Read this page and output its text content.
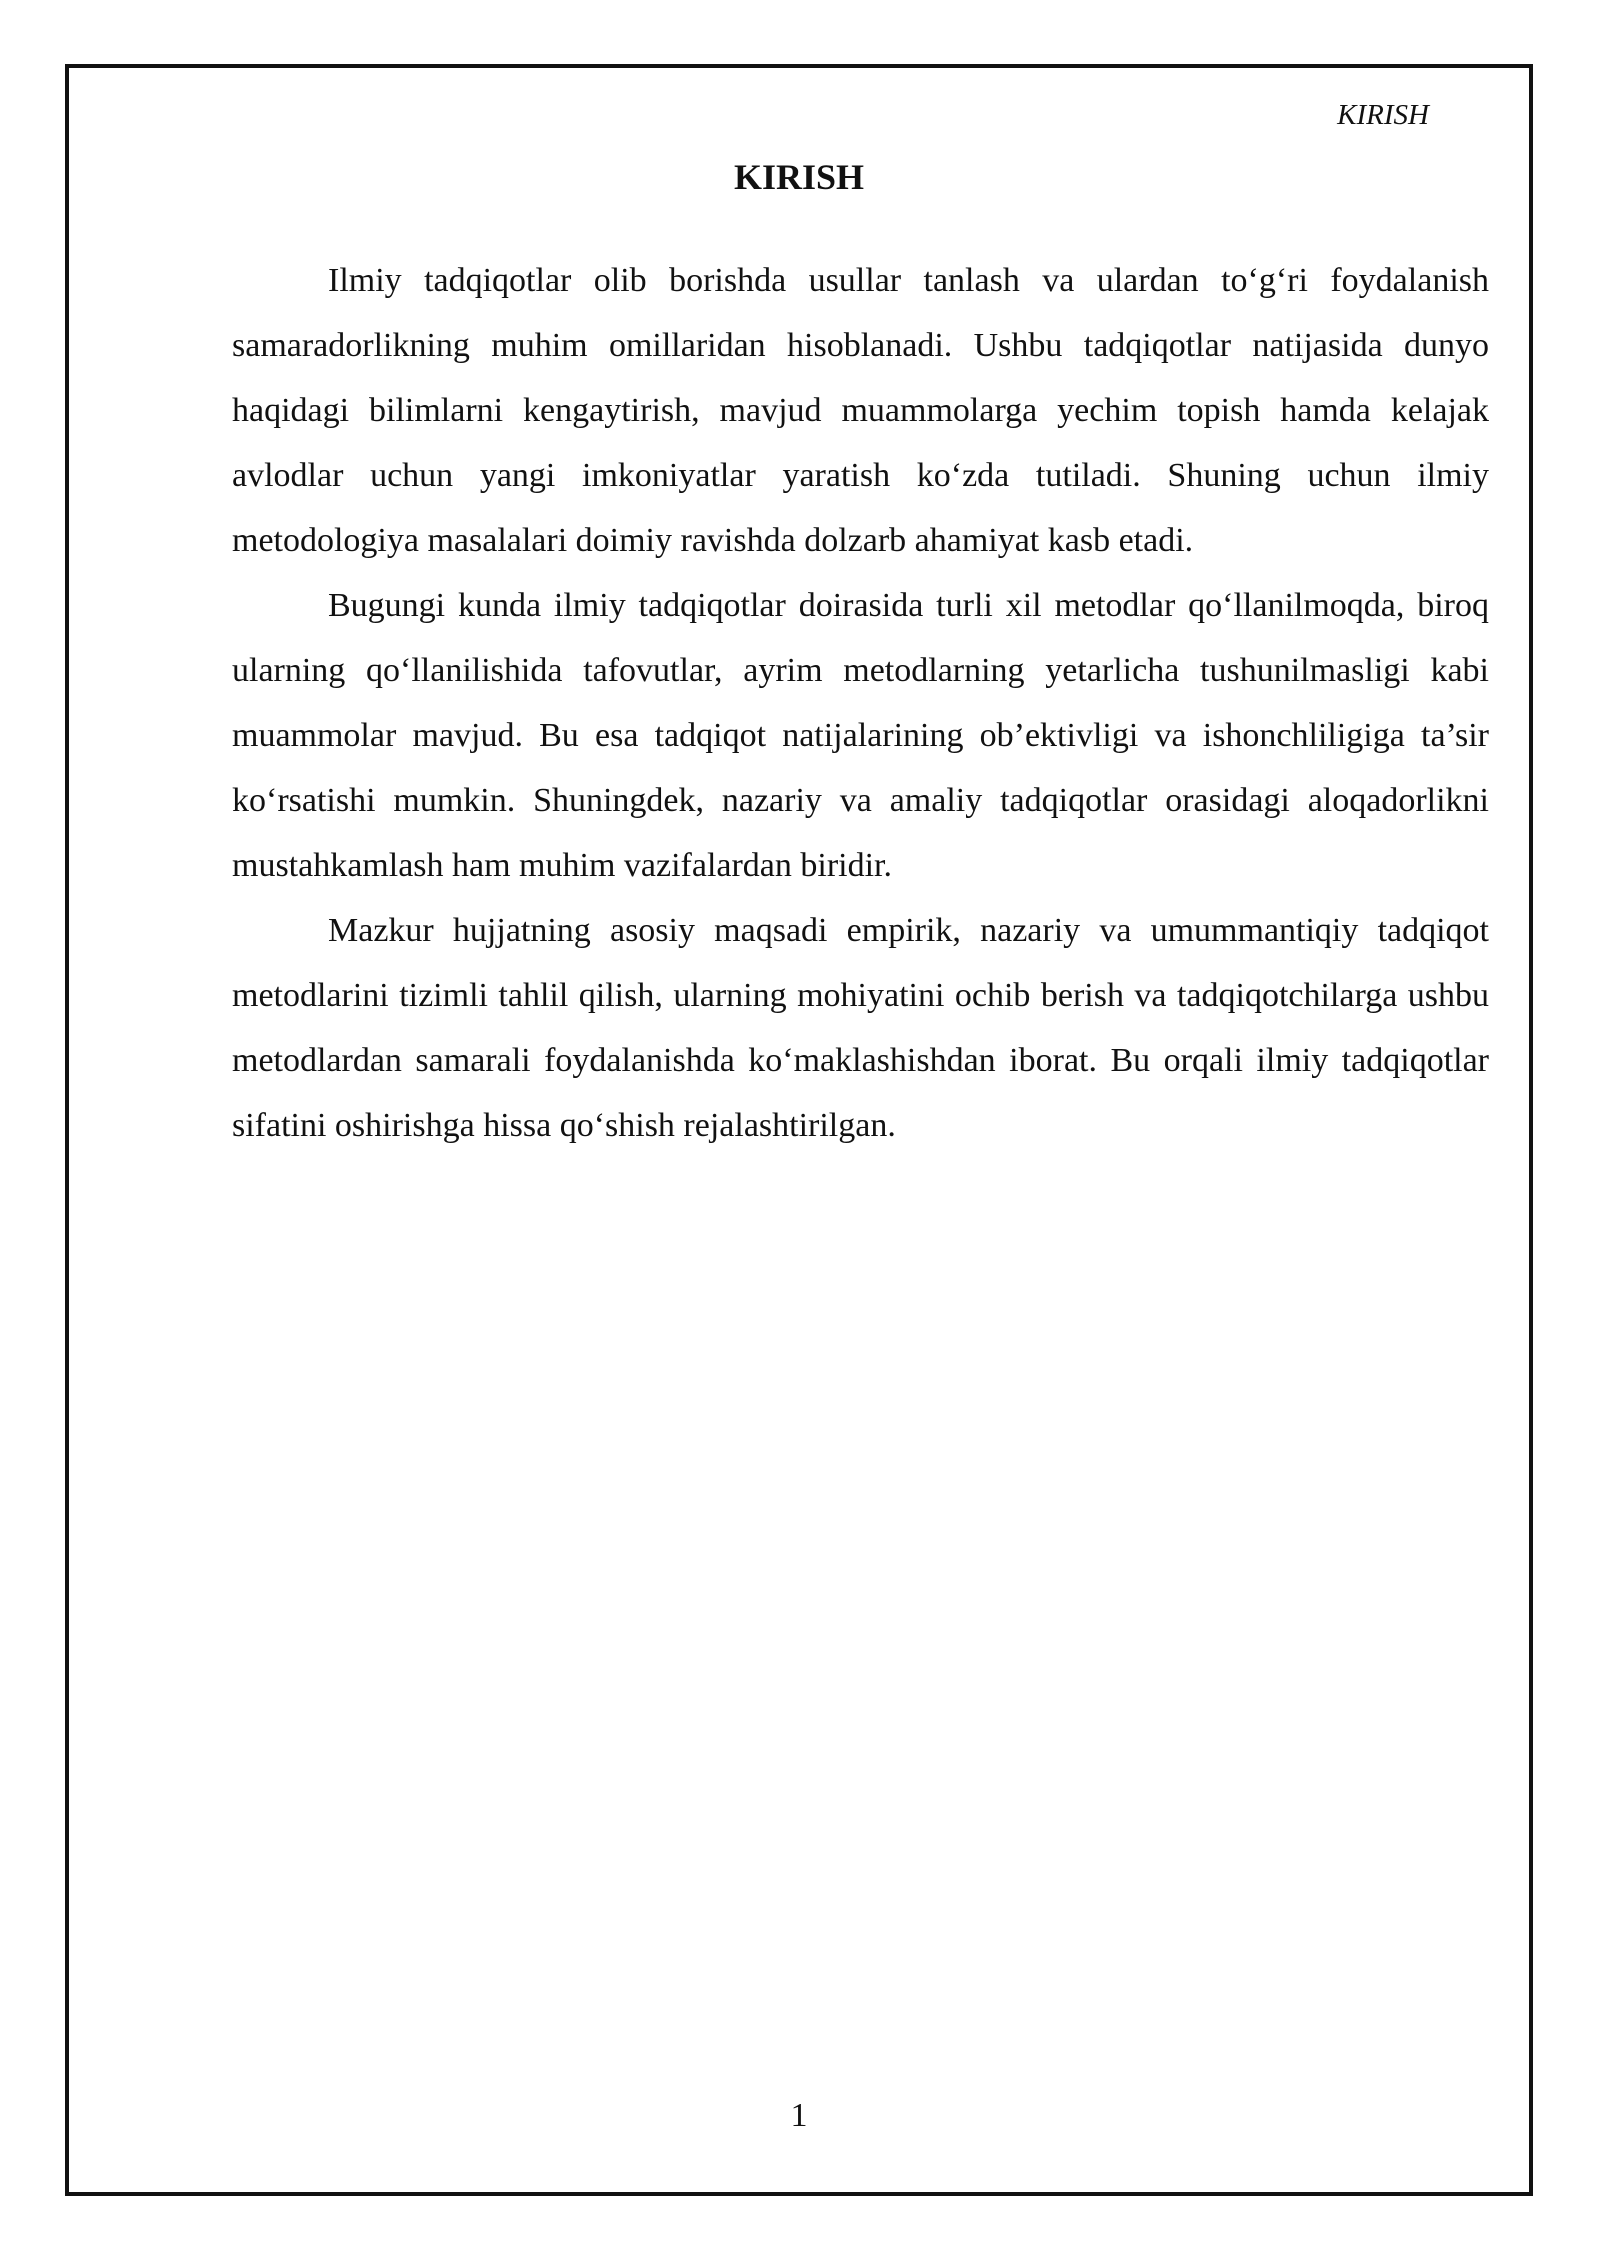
KIRISH
KIRISH

Ilmiy tadqiqotlar olib borishda usullar tanlash va ulardan to‘g‘ri foydalanish samaradorlikning muhim omillaridan hisoblanadi. Ushbu tadqiqotlar natijasida dunyo haqidagi bilimlarni kengaytirish, mavjud muammolarga yechim topish hamda kelajak avlodlar uchun yangi imkoniyatlar yaratish ko‘zda tutiladi. Shuning uchun ilmiy metodologiya masalalari doimiy ravishda dolzarb ahamiyat kasb etadi.

Bugungi kunda ilmiy tadqiqotlar doirasida turli xil metodlar qo‘llanilmoqda, biroq ularning qo‘llanilishida tafovutlar, ayrim metodlarning yetarlicha tushunilmasligi kabi muammolar mavjud. Bu esa tadqiqot natijalarining ob’ektivligi va ishonchliligiga ta’sir ko‘rsatishi mumkin. Shuningdek, nazariy va amaliy tadqiqotlar orasidagi aloqadorlikni mustahkamlash ham muhim vazifalardan biridir.

Mazkur hujjatning asosiy maqsadi empirik, nazariy va umummantiqiy tadqiqot metodlarini tizimli tahlil qilish, ularning mohiyatini ochib berish va tadqiqotchilarga ushbu metodlardan samarali foydalanishda ko‘maklashishdan iborat. Bu orqali ilmiy tadqiqotlar sifatini oshirishga hissa qo‘shish rejalashtirilgan.

1
